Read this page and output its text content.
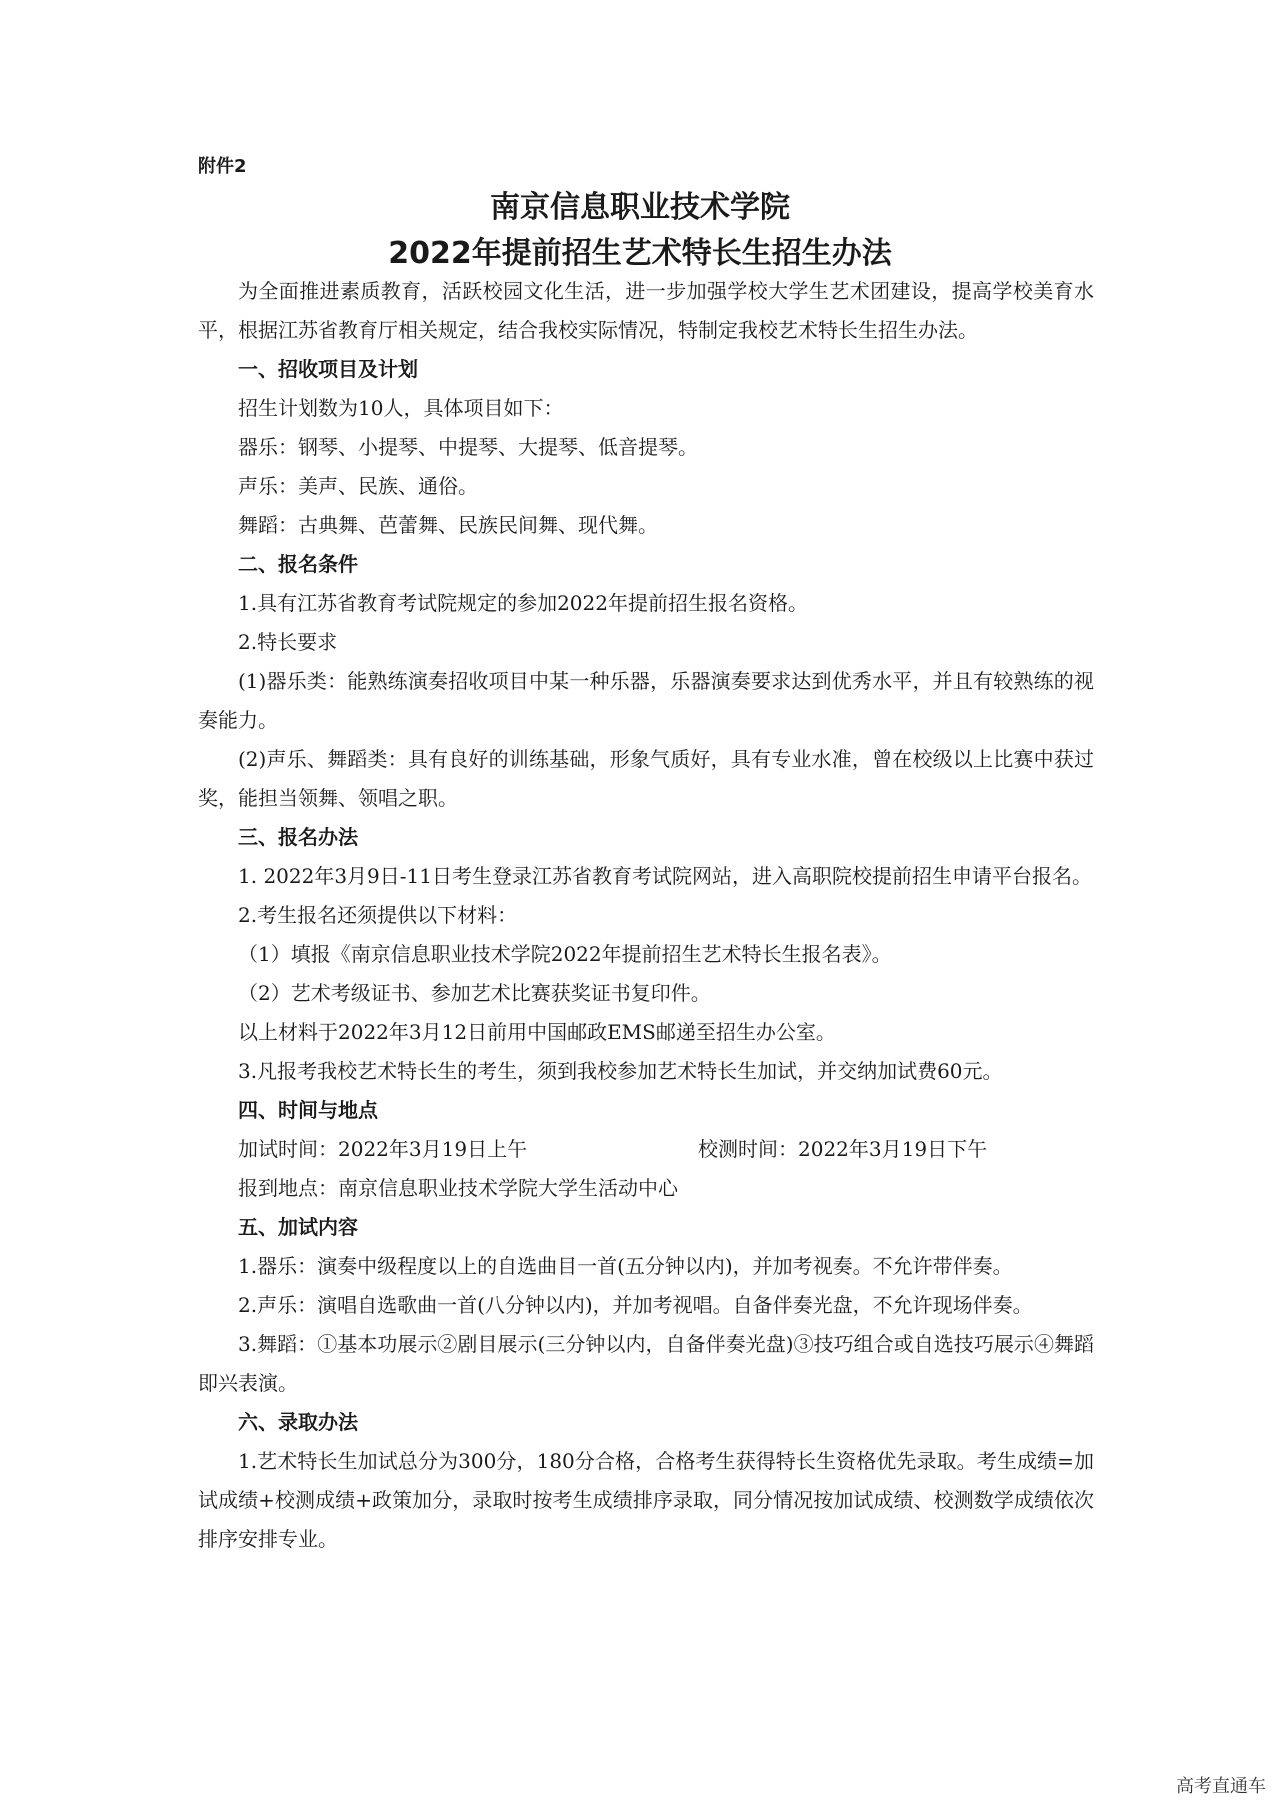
附件2
南京信息职业技术学院
2022年提前招生艺术特长生招生办法

为全面推进素质教育，活跃校园文化生活，进一步加强学校大学生艺术团建设，提高学校美育水平，根据江苏省教育厅相关规定，结合我校实际情况，特制定我校艺术特长生招生办法。

一、招收项目及计划

招生计划数为10人，具体项目如下：

器乐：钢琴、小提琴、中提琴、大提琴、低音提琴。

声乐：美声、民族、通俗。

舞蹈：古典舞、芭蕾舞、民族民间舞、现代舞。

二、报名条件

1.具有江苏省教育考试院规定的参加2022年提前招生报名资格。

2.特长要求

(1)器乐类：能熟练演奏招收项目中某一种乐器，乐器演奏要求达到优秀水平，并且有较熟练的视奏能力。

(2)声乐、舞蹈类：具有良好的训练基础，形象气质好，具有专业水准，曾在校级以上比赛中获过奖，能担当领舞、领唱之职。

三、报名办法

1. 2022年3月9日-11日考生登录江苏省教育考试院网站，进入高职院校提前招生申请平台报名。

2.考生报名还须提供以下材料：

（1）填报《南京信息职业技术学院2022年提前招生艺术特长生报名表》。

（2）艺术考级证书、参加艺术比赛获奖证书复印件。

以上材料于2022年3月12日前用中国邮政EMS邮递至招生办公室。

3.凡报考我校艺术特长生的考生，须到我校参加艺术特长生加试，并交纳加试费60元。

四、时间与地点

加试时间：2022年3月19日上午	校测时间：2022年3月19日下午

报到地点：南京信息职业技术学院大学生活动中心

五、加试内容

1.器乐：演奏中级程度以上的自选曲目一首(五分钟以内)，并加考视奏。不允许带伴奏。

2.声乐：演唱自选歌曲一首(八分钟以内)，并加考视唱。自备伴奏光盘，不允许现场伴奏。

3.舞蹈：①基本功展示②剧目展示(三分钟以内，自备伴奏光盘)③技巧组合或自选技巧展示④舞蹈即兴表演。

六、录取办法

1.艺术特长生加试总分为300分，180分合格，合格考生获得特长生资格优先录取。考生成绩=加试成绩+校测成绩+政策加分，录取时按考生成绩排序录取，同分情况按加试成绩、校测数学成绩依次排序安排专业。

高考直通车
